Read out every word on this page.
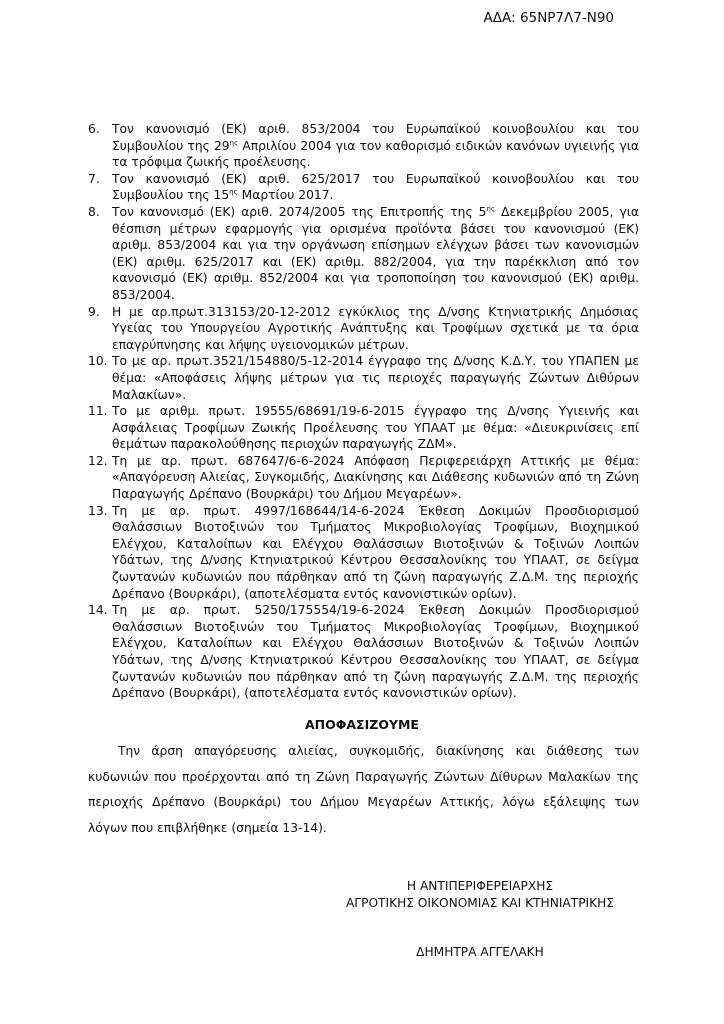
ΑΔΑ: 65ΝΡ7Λ7-Ν90
6. Τον κανονισμό (ΕΚ) αριθ. 853/2004 του Ευρωπαϊκού κοινοβουλίου και του Συμβουλίου της $29^{\eta\varsigma}$ Απριλίου 2004 για τον καθορισμό ειδικών κανόνων υγιεινής για τα τρόφιμα ζωικής προέλευσης.
7. Τον κανονισμό (ΕΚ) αριθ. 625/2017 του Ευρωπαϊκού κοινοβουλίου και του Συμβουλίου της $15^{\eta\varsigma}$ Μαρτίου 2017.
8. Τον κανονισμό (ΕΚ) αριθ. 2074/2005 της Επιτροπής της $5^{\eta\varsigma}$ Δεκεμβρίου 2005, για θέσπιση μέτρων εφαρμογής για ορισμένα προϊόντα βάσει του κανονισμού (ΕΚ) αριθμ. 853/2004 και για την οργάνωση επίσημων ελέγχων βάσει των κανονισμών (ΕΚ) αριθμ. 625/2017 και (ΕΚ) αριθμ. 882/2004, για την παρέκκλιση από τον κανονισμό (ΕΚ) αριθμ. 852/2004 και για τροποποίηση του κανονισμού (ΕΚ) αριθμ. 853/2004.
9. Η με αρ.πρωτ.313153/20-12-2012 εγκύκλιος της Δ/νσης Κτηνιατρικής Δημόσιας Υγείας του Υπουργείου Αγροτικής Ανάπτυξης και Τροφίμων σχετικά με τα όρια επαγρύπνησης και λήψης υγειονομικών μέτρων.
10. Το με αρ. πρωτ.3521/154880/5-12-2014 έγγραφο της Δ/νσης Κ.Δ.Υ. του ΥΠΑΠΕΝ με θέμα: «Αποφάσεις λήψης μέτρων για τις περιοχές παραγωγής Ζώντων Διθύρων Μαλακίων».
11. Το με αριθμ. πρωτ. 19555/68691/19-6-2015 έγγραφο της Δ/νσης Υγιεινής και Ασφάλειας Τροφίμων Ζωικής Προέλευσης του ΥΠΑΑΤ με θέμα: «Διευκρινίσεις επί θεμάτων παρακολούθησης περιοχών παραγωγής ΖΔΜ».
12. Τη με αρ. πρωτ. 687647/6-6-2024 Απόφαση Περιφερειάρχη Αττικής με θέμα: «Απαγόρευση Αλιείας, Συγκομιδής, Διακίνησης και Διάθεσης κυδωνιών από τη Ζώνη Παραγωγής Δρέπανο (Βουρκάρι) του Δήμου Μεγαρέων».
13. Τη με αρ. πρωτ. 4997/168644/14-6-2024 Έκθεση Δοκιμών Προσδιορισμού Θαλάσσιων Βιοτοξινών του Τμήματος Μικροβιολογίας Τροφίμων, Βιοχημικού Ελέγχου, Καταλοίπων και Ελέγχου Θαλάσσιων Βιοτοξινών & Τοξινών Λοιπών Υδάτων, της Δ/νσης Κτηνιατρικού Κέντρου Θεσσαλονίκης του ΥΠΑΑΤ, σε δείγμα ζωντανών κυδωνιών που πάρθηκαν από τη ζώνη παραγωγής Ζ.Δ.Μ. της περιοχής Δρέπανο (Βουρκάρι), (αποτελέσματα εντός κανονιστικών ορίων).
14. Τη με αρ. πρωτ. 5250/175554/19-6-2024 Έκθεση Δοκιμών Προσδιορισμού Θαλάσσιων Βιοτοξινών του Τμήματος Μικροβιολογίας Τροφίμων, Βιοχημικού Ελέγχου, Καταλοίπων και Ελέγχου Θαλάσσιων Βιοτοξινών & Τοξινών Λοιπών Υδάτων, της Δ/νσης Κτηνιατρικού Κέντρου Θεσσαλονίκης του ΥΠΑΑΤ, σε δείγμα ζωντανών κυδωνιών που πάρθηκαν από τη ζώνη παραγωγής Ζ.Δ.Μ. της περιοχής Δρέπανο (Βουρκάρι), (αποτελέσματα εντός κανονιστικών ορίων).
ΑΠΟΦΑΣΙΖΟΥΜΕ

Την άρση απαγόρευσης αλιείας, συγκομιδής, διακίνησης και διάθεσης των κυδωνιών που προέρχονται από τη Ζώνη Παραγωγής Ζώντων Δίθυρων Μαλακίων της περιοχής Δρέπανο (Βουρκάρι) του Δήμου Μεγαρέων Αττικής, λόγω εξάλειψης των λόγων που επιβλήθηκε (σημεία 13-14).

Η ΑΝΤΙΠΕΡΙΦΕΡΕΙΑΡΧΗΣ
ΑΓΡΟΤΙΚΗΣ ΟΙΚΟΝΟΜΙΑΣ ΚΑΙ ΚΤΗΝΙΑΤΡΙΚΗΣ
ΔΗΜΗΤΡΑ ΑΓΓΕΛΑΚΗ
